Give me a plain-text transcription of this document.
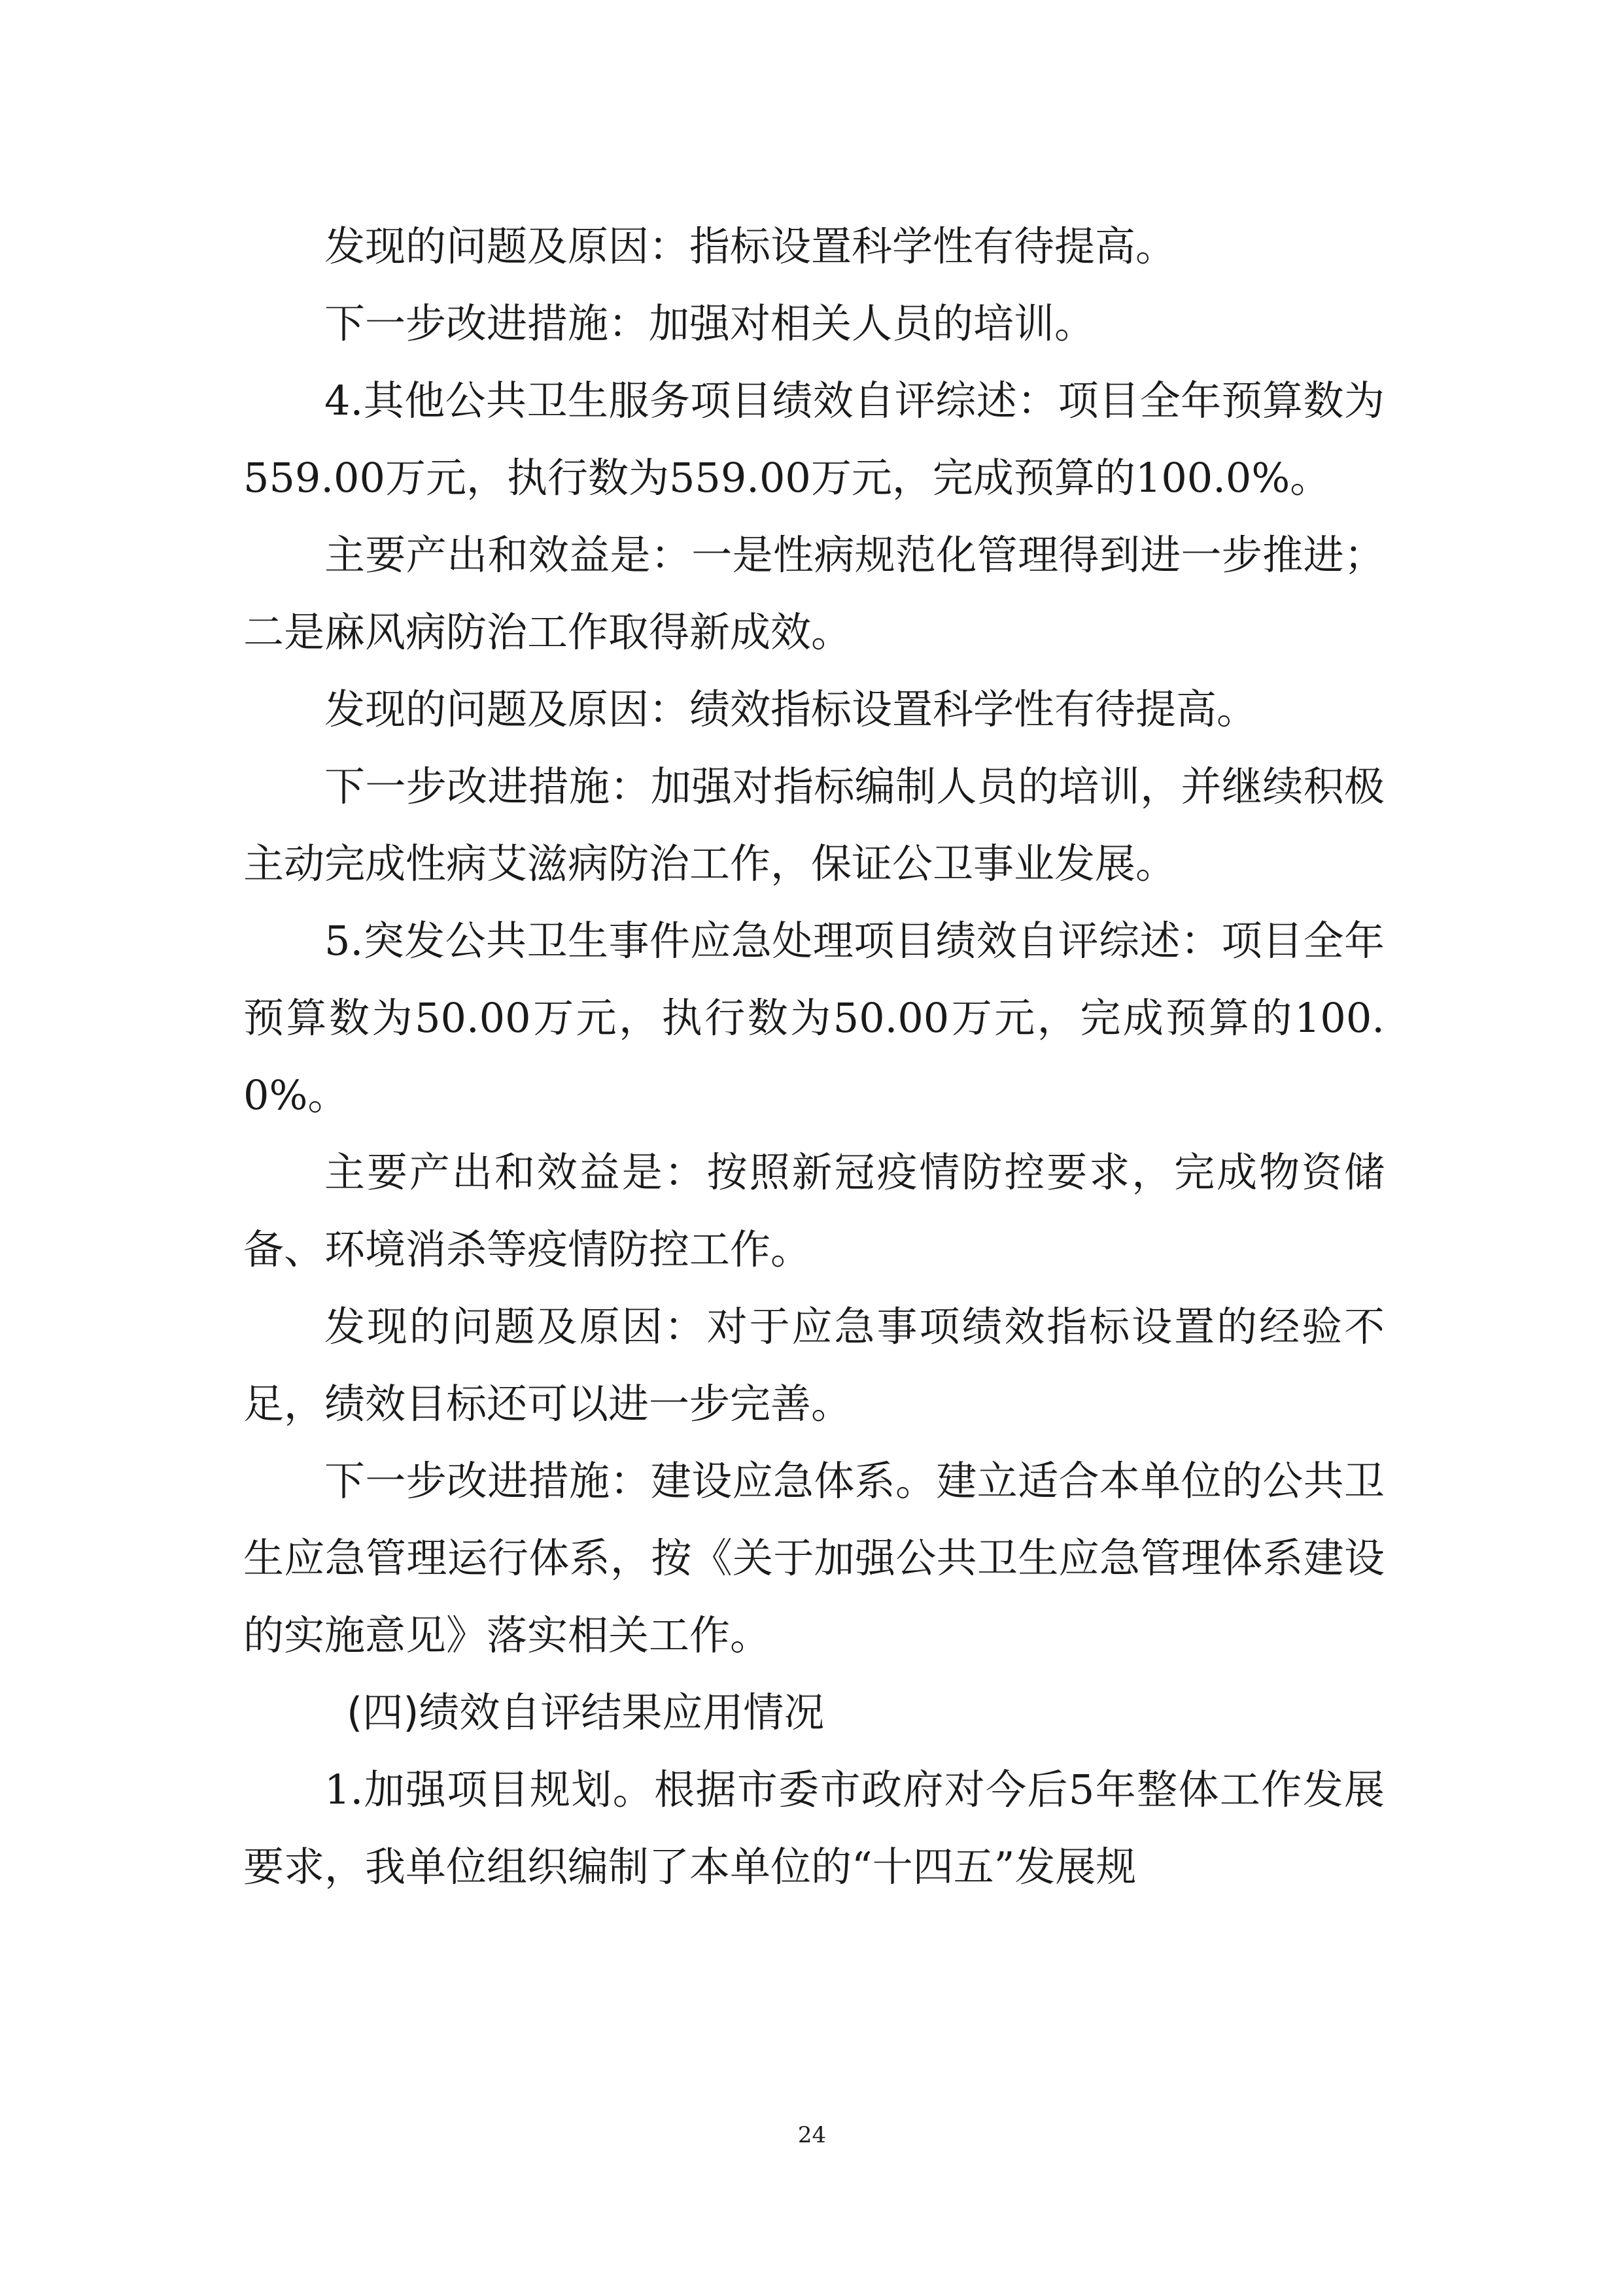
发现的问题及原因：指标设置科学性有待提高。

下一步改进措施：加强对相关人员的培训。

4.其他公共卫生服务项目绩效自评综述：项目全年预算数为559.00万元，执行数为559.00万元，完成预算的100.0%。

主要产出和效益是：一是性病规范化管理得到进一步推进；二是麻风病防治工作取得新成效。

发现的问题及原因：绩效指标设置科学性有待提高。

下一步改进措施：加强对指标编制人员的培训，并继续积极主动完成性病艾滋病防治工作，保证公卫事业发展。

5.突发公共卫生事件应急处理项目绩效自评综述：项目全年预算数为50.00万元，执行数为50.00万元，完成预算的100.0%。

主要产出和效益是：按照新冠疫情防控要求，完成物资储备、环境消杀等疫情防控工作。

发现的问题及原因：对于应急事项绩效指标设置的经验不足，绩效目标还可以进一步完善。

下一步改进措施：建设应急体系。建立适合本单位的公共卫生应急管理运行体系，按《关于加强公共卫生应急管理体系建设的实施意见》落实相关工作。

(四)绩效自评结果应用情况

1.加强项目规划。根据市委市政府对今后5年整体工作发展要求，我单位组织编制了本单位的“十四五”发展规

24
